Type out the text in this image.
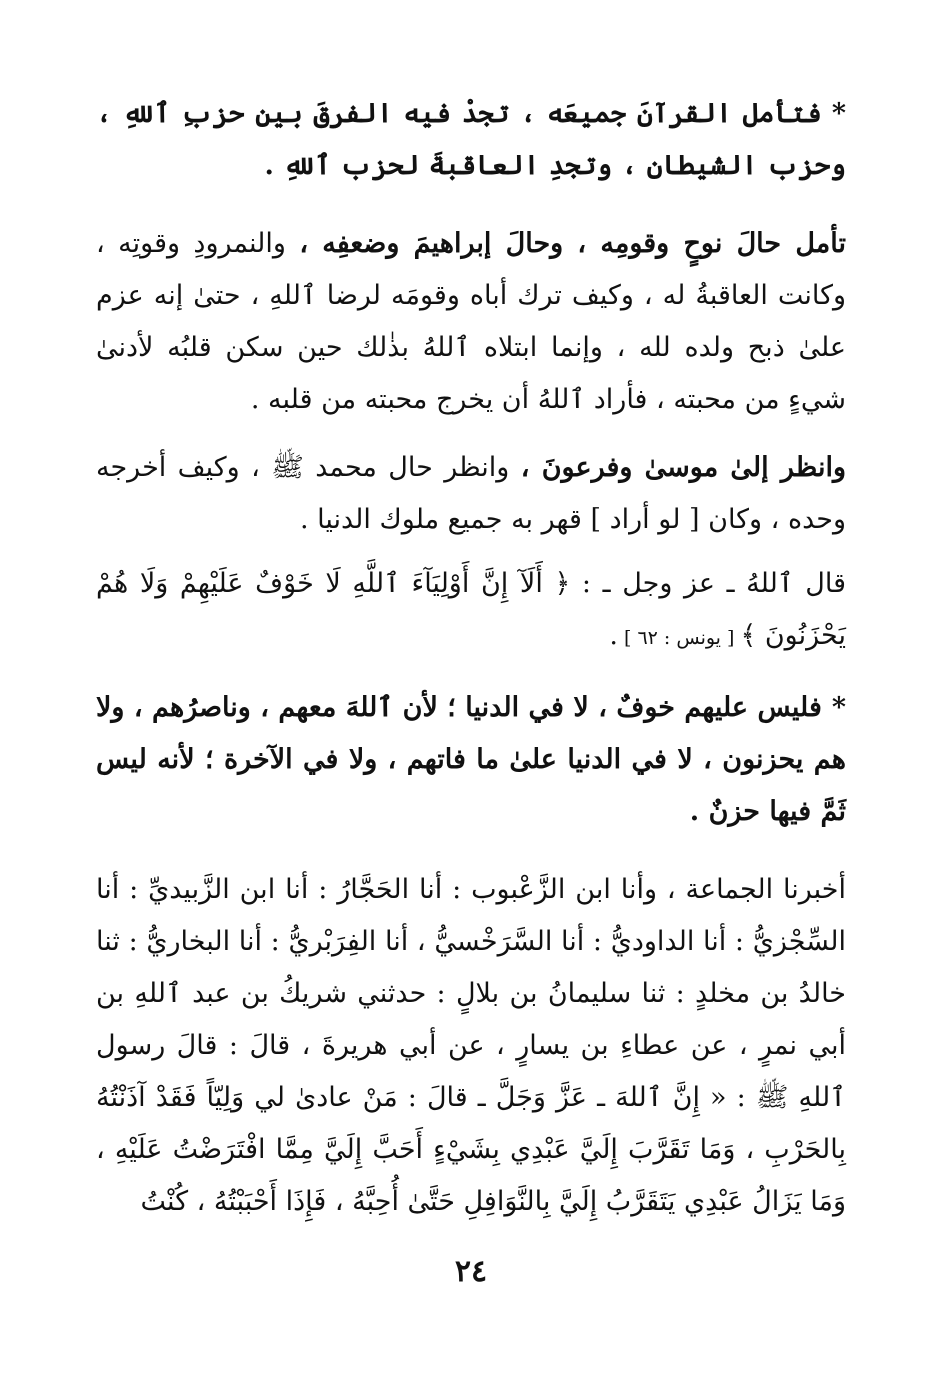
*فتأمل القرآنَ جميعَه ، تجدْ فيه الفرقَ بين حزبِ ٱللهِ ، وحزب الشيطان ، وتجدِ العاقبةَ لحزب ٱللهِ .

تأمل حالَ نوحٍ وقومِه ، وحالَ إبراهيمَ وضعفِه ، والنمرودِ وقوتِه ، وكانت العاقبةُ له ، وكيف ترك أباه وقومَه لرضا ٱللهِ ، حتىٰ إنه عزم علىٰ ذبح ولده لله ، وإنما ابتلاه ٱللهُ بذٰلك حين سكن قلبُه لأدنىٰ شيءٍ من محبته ، فأراد ٱللهُ أن يخرج محبته من قلبه .

وانظر إلىٰ موسىٰ وفرعونَ ، وانظر حال محمد ﷺ ، وكيف أخرجه وحده ، وكان [ لو أراد ] قهر به جميع ملوك الدنيا .

قال ٱللهُ ـ عز وجل ـ : ﴿ أَلَآ إِنَّ أَوْلِيَآءَ ٱللَّهِ لَا خَوْفٌ عَلَيْهِمْ وَلَا هُمْ يَحْزَنُونَ ﴾ [ يونس : ٦٢ ] .

*فليس عليهم خوفٌ ، لا في الدنيا ؛ لأن ٱللهَ معهم ، وناصرُهم ، ولا هم يحزنون ، لا في الدنيا علىٰ ما فاتهم ، ولا في الآخرة ؛ لأنه ليس ثَمَّ فيها حزنٌ .

أخبرنا الجماعة ، وأنا ابن الزَّعْبوب : أنا الحَجَّارُ : أنا ابن الزَّبيديِّ : أنا السِّجْزيُّ : أنا الداوديُّ : أنا السَّرَخْسيُّ ، أنا الفِرَبْريُّ : أنا البخاريُّ : ثنا خالدُ بن مخلدٍ : ثنا سليمانُ بن بلالٍ : حدثني شريكُ بن عبد ٱللهِ بن أبي نمرٍ ، عن عطاءِ بن يسارٍ ، عن أبي هريرةَ ، قالَ : قالَ رسول ٱللهِ ﷺ : « إِنَّ ٱللهَ ـ عَزَّ وَجَلَّ ـ قالَ : مَنْ عادىٰ لي وَلِيّاً فَقَدْ آذَنْتُهُ بِالحَرْبِ ، وَمَا تَقَرَّبَ إِلَيَّ عَبْدِي بِشَيْءٍ أَحَبَّ إِلَيَّ مِمَّا افْتَرَضْتُ عَلَيْهِ ، وَمَا يَزَالُ عَبْدِي يَتَقَرَّبُ إِلَيَّ بِالنَّوَافِلِ حَتَّىٰ أُحِبَّهُ ، فَإِذَا أَحْبَبْتُهُ ، كُنْتُ

٢٤
